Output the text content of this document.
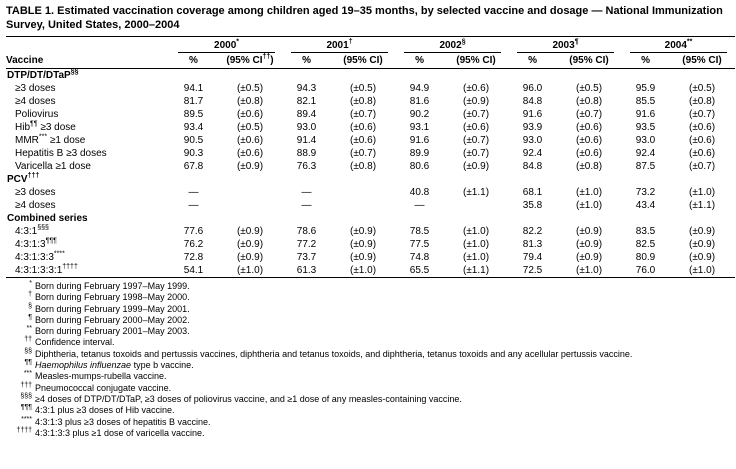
TABLE 1. Estimated vaccination coverage among children aged 19–35 months, by selected vaccine and dosage — National Immunization Survey, United States, 2000–2004

	2000*		2001†		2002§		2003¶		2004**

Vaccine	%	(95% CI††)	%	(95% CI)	%	(95% CI)	%	(95% CI)	%	(95% CI)
DTP/DT/DTaP§§
≥3 doses	94.1	(±0.5)	94.3	(±0.5)	94.9	(±0.6)	96.0	(±0.5)	95.9	(±0.5)
≥4 doses	81.7	(±0.8)	82.1	(±0.8)	81.6	(±0.9)	84.8	(±0.8)	85.5	(±0.8)
Poliovirus	89.5	(±0.6)	89.4	(±0.7)	90.2	(±0.7)	91.6	(±0.7)	91.6	(±0.7)
Hib¶¶ ≥3 dose	93.4	(±0.5)	93.0	(±0.6)	93.1	(±0.6)	93.9	(±0.6)	93.5	(±0.6)
MMR*** ≥1 dose	90.5	(±0.6)	91.4	(±0.6)	91.6	(±0.7)	93.0	(±0.6)	93.0	(±0.6)
Hepatitis B ≥3 doses	90.3	(±0.6)	88.9	(±0.7)	89.9	(±0.7)	92.4	(±0.6)	92.4	(±0.6)
Varicella ≥1 dose	67.8	(±0.9)	76.3	(±0.8)	80.6	(±0.9)	84.8	(±0.8)	87.5	(±0.7)
PCV†††
≥3 doses	—		—		40.8	(±1.1)	68.1	(±1.0)	73.2	(±1.0)
≥4 doses	—		—		—		35.8	(±1.0)	43.4	(±1.1)
Combined series										
4:3:1§§§	77.6	(±0.9)	78.6	(±0.9)	78.5	(±1.0)	82.2	(±0.9)	83.5	(±0.9)
4:3:1:3¶¶¶	76.2	(±0.9)	77.2	(±0.9)	77.5	(±1.0)	81.3	(±0.9)	82.5	(±0.9)
4:3:1:3:3****	72.8	(±0.9)	73.7	(±0.9)	74.8	(±1.0)	79.4	(±0.9)	80.9	(±0.9)
4:3:1:3:3:1††††	54.1	(±1.0)	61.3	(±1.0)	65.5	(±1.1)	72.5	(±1.0)	76.0	(±1.0)
* Born during February 1997–May 1999.
† Born during February 1998–May 2000.
§ Born during February 1999–May 2001.
¶ Born during February 2000–May 2002.
** Born during February 2001–May 2003.
†† Confidence interval.
§§ Diphtheria, tetanus toxoids and pertussis vaccines, diphtheria and tetanus toxoids, and diphtheria, tetanus toxoids and any acellular pertussis vaccine.
¶¶ Haemophilus influenzae type b vaccine.
*** Measles-mumps-rubella vaccine.
††† Pneumococcal conjugate vaccine.
§§§ ≥4 doses of DTP/DT/DTaP, ≥3 doses of poliovirus vaccine, and ≥1 dose of any measles-containing vaccine.
¶¶¶ 4:3:1 plus ≥3 doses of Hib vaccine.
**** 4:3:1:3 plus ≥3 doses of hepatitis B vaccine.
†††† 4:3:1:3:3 plus ≥1 dose of varicella vaccine.
